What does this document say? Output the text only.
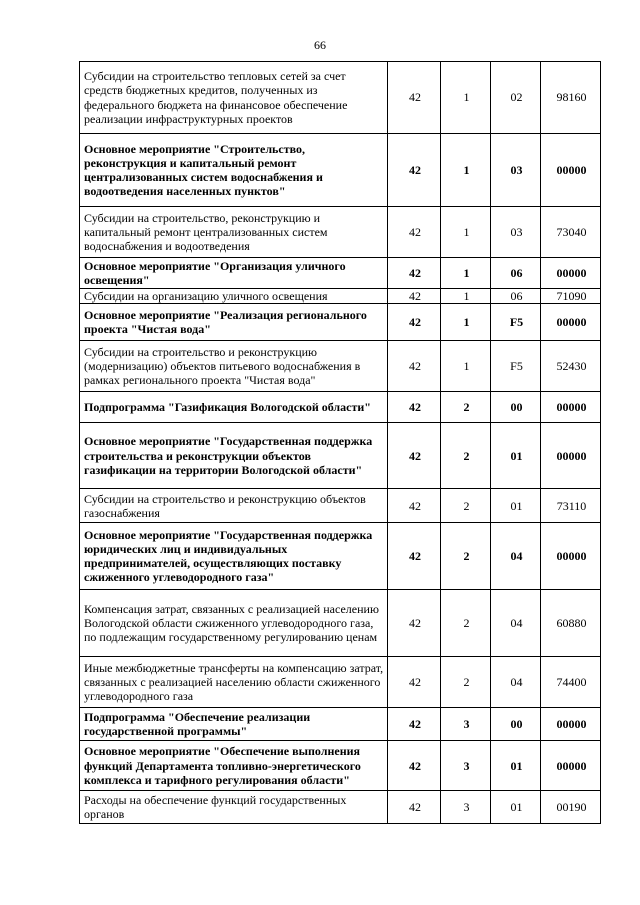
66
Субсидии на строительство тепловых сетей за счет средств бюджетных кредитов, полученных из федерального бюджета на финансовое обеспечение реализации инфраструктурных проектов	42	1	02	98160
Основное мероприятие "Строительство, реконструкция и капитальный ремонт централизованных систем водоснабжения и водоотведения населенных пунктов"	42	1	03	00000
Субсидии на строительство, реконструкцию и капитальный ремонт централизованных систем водоснабжения и водоотведения	42	1	03	73040
Основное мероприятие "Организация уличного освещения"	42	1	06	00000
Субсидии на организацию уличного освещения	42	1	06	71090
Основное мероприятие "Реализация регионального проекта "Чистая вода"	42	1	F5	00000
Субсидии на строительство и реконструкцию (модернизацию) объектов питьевого водоснабжения в рамках регионального проекта "Чистая вода"	42	1	F5	52430
Подпрограмма "Газификация Вологодской области"	42	2	00	00000
Основное мероприятие "Государственная поддержка строительства и реконструкции объектов газификации на территории Вологодской области"	42	2	01	00000
Субсидии на строительство и реконструкцию объектов газоснабжения	42	2	01	73110
Основное мероприятие "Государственная поддержка юридических лиц и индивидуальных предпринимателей, осуществляющих поставку сжиженного углеводородного газа"	42	2	04	00000
Компенсация затрат, связанных с реализацией населению Вологодской области сжиженного углеводородного газа, по подлежащим государственному регулированию ценам	42	2	04	60880
Иные межбюджетные трансферты на компенсацию затрат, связанных с реализацией населению области сжиженного углеводородного газа	42	2	04	74400
Подпрограмма "Обеспечение реализации государственной программы"	42	3	00	00000
Основное мероприятие "Обеспечение выполнения функций Департамента топливно-энергетического комплекса и тарифного регулирования области"	42	3	01	00000
Расходы на обеспечение функций государственных органов	42	3	01	00190
